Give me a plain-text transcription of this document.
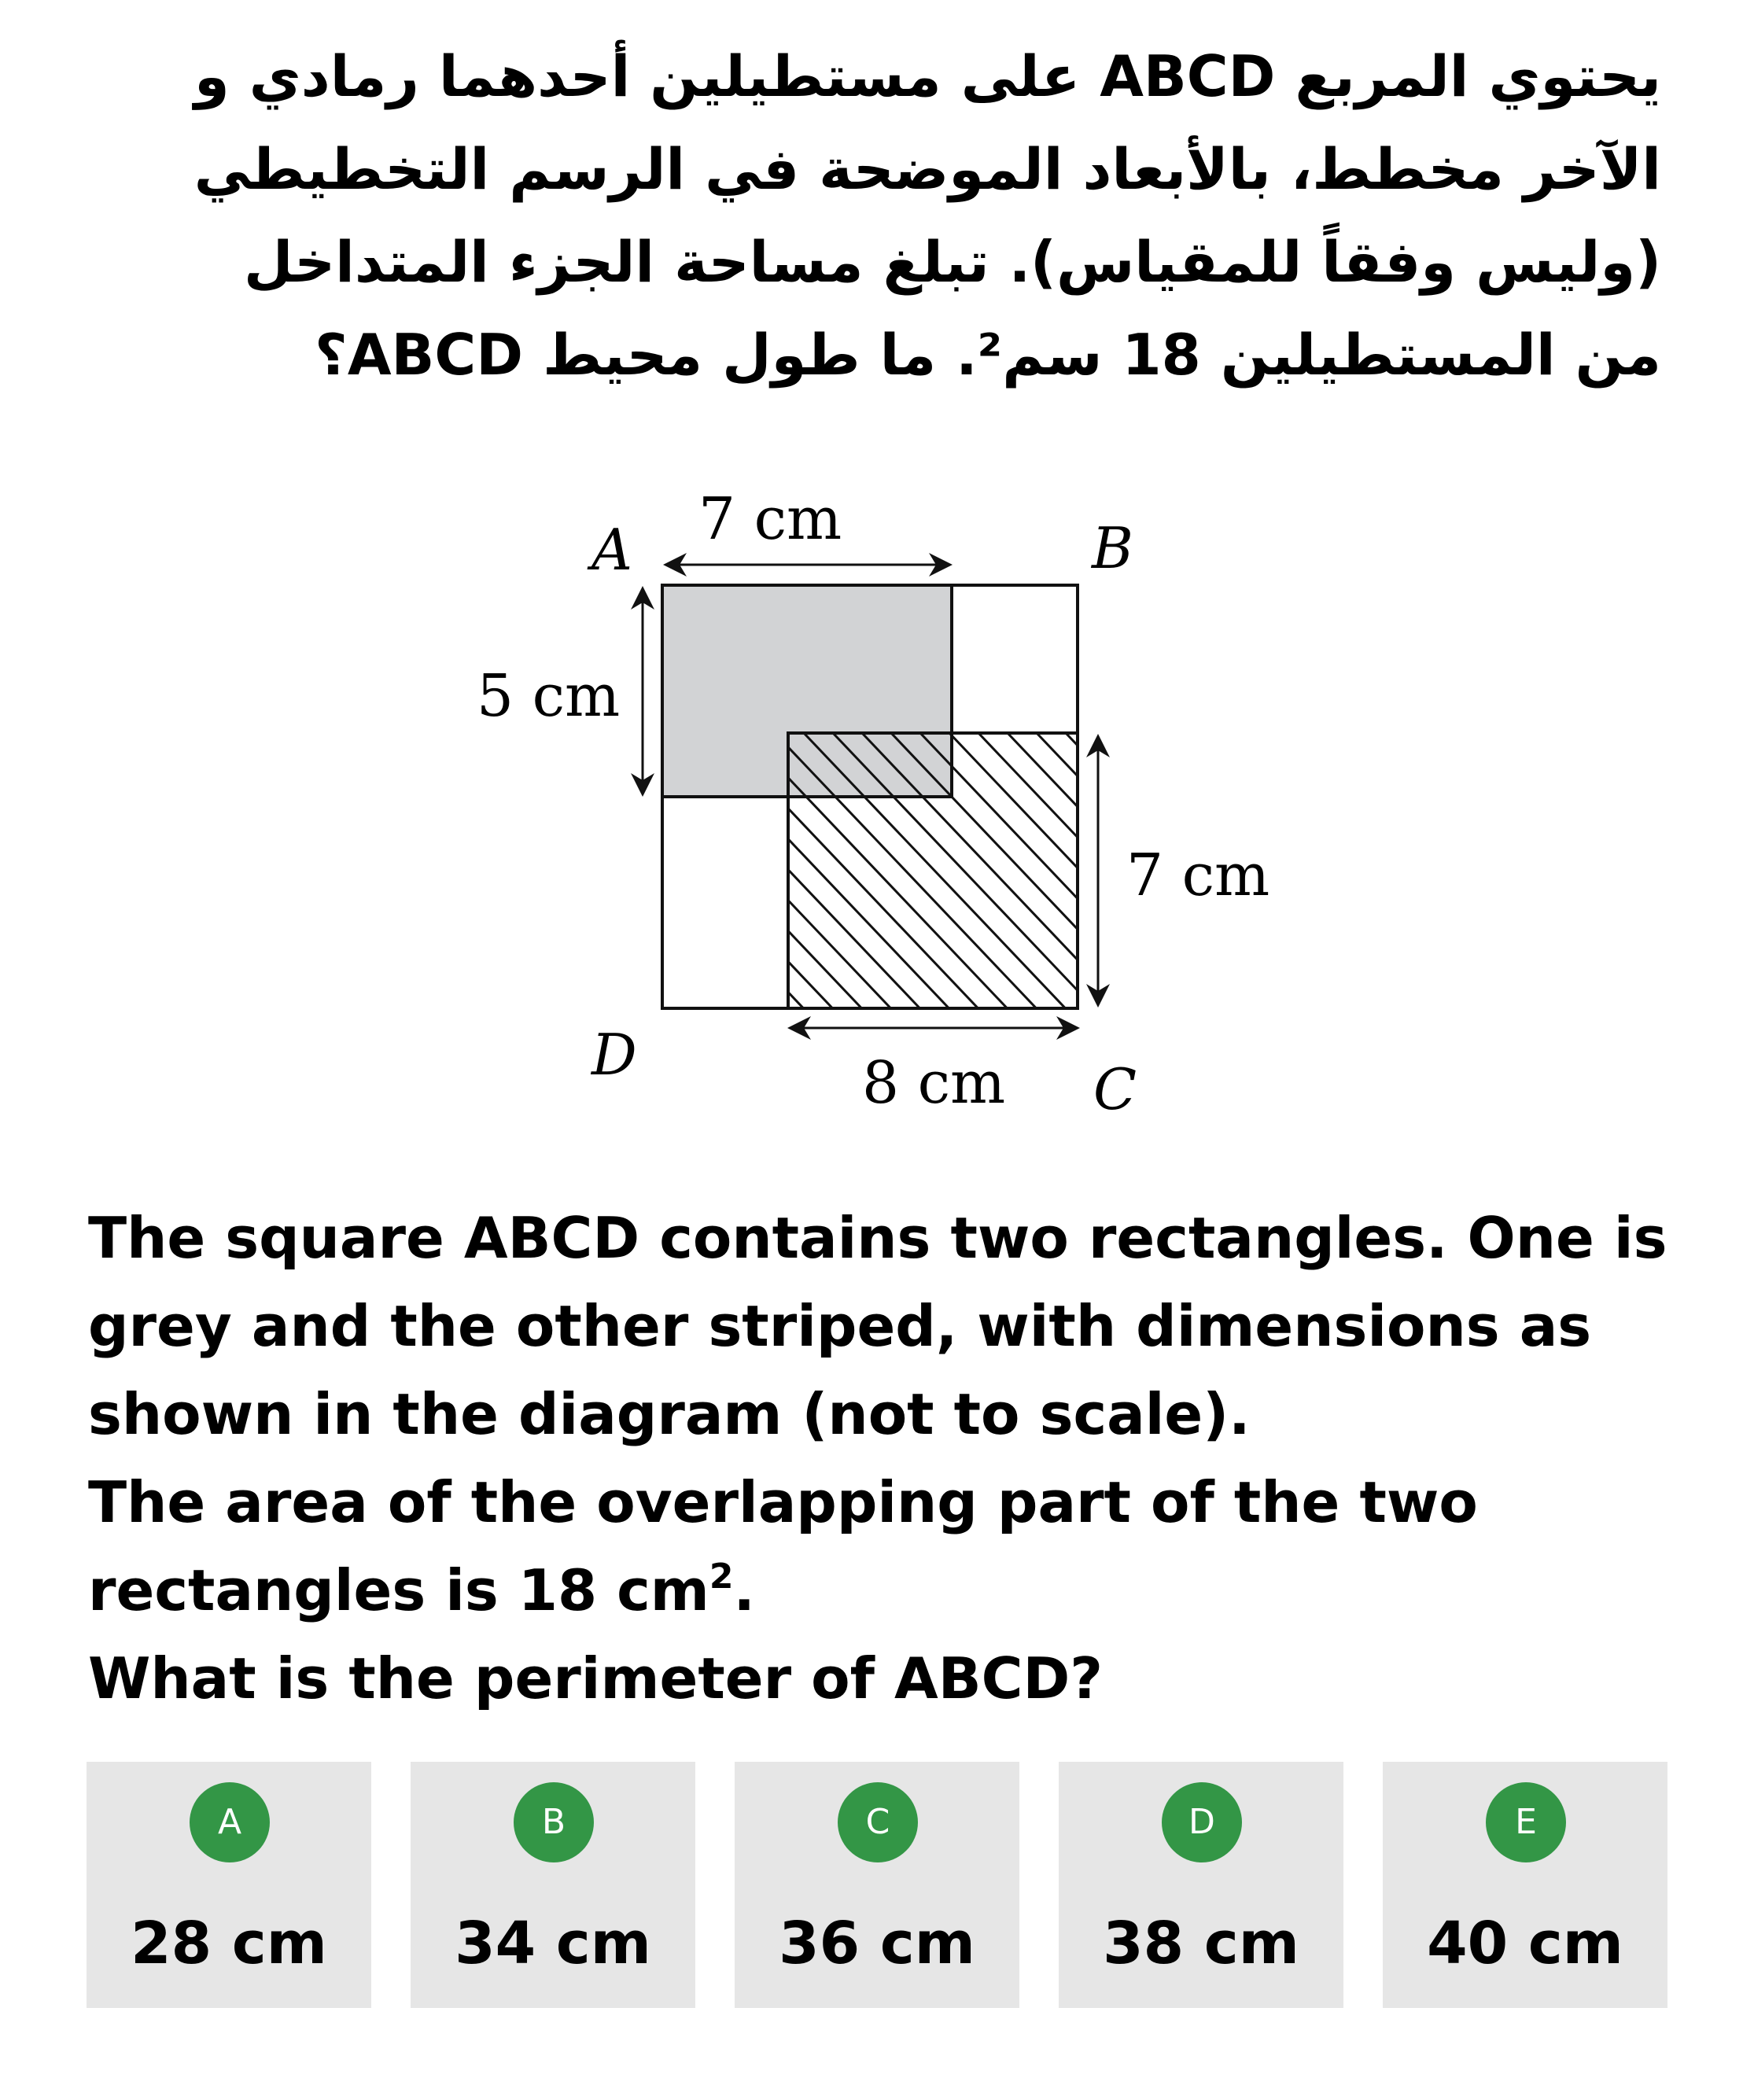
يحتوي المربع ABCD على مستطيلين أحدهما رمادي و
الآخر مخطط، بالأبعاد الموضحة في الرسم التخطيطي
(وليس وفقاً للمقياس). تبلغ مساحة الجزء المتداخل
من المستطيلين 18 سم². ما طول محيط ABCD؟
A	B
C
D
7 cm
5 cm
7 cm
8 cm
The square ABCD contains two rectangles. One is
grey and the other striped, with dimensions as
shown in the diagram (not to scale).
The area of the overlapping part of the two
rectangles is 18 $cm^2$.
What is the perimeter of ABCD?
A
28 cm
B
34 cm
C
36 cm
D
38 cm
E
40 cm
